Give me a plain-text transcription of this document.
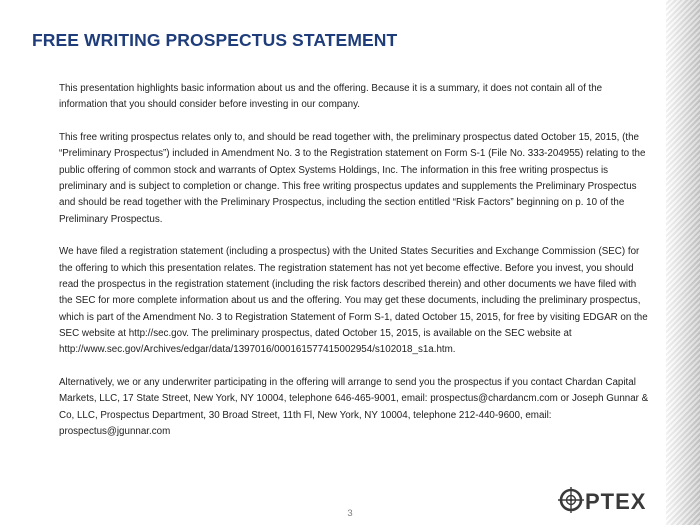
FREE WRITING PROSPECTUS STATEMENT

This presentation highlights basic information about us and the offering. Because it is a summary, it does not contain all of the information that you should consider before investing in our company.

This free writing prospectus relates only to, and should be read together with, the preliminary prospectus dated October 15, 2015, (the “Preliminary Prospectus”) included in Amendment No. 3 to the Registration statement on Form S-1 (File No. 333-204955) relating to the public offering of common stock and warrants of Optex Systems Holdings, Inc. The information in this free writing prospectus is preliminary and is subject to completion or change. This free writing prospectus updates and supplements the Preliminary Prospectus and should be read together with the Preliminary Prospectus, including the section entitled “Risk Factors” beginning on p. 10 of the Preliminary Prospectus.

We have filed a registration statement (including a prospectus) with the United States Securities and Exchange Commission (SEC) for the offering to which this presentation relates. The registration statement has not yet become effective. Before you invest, you should read the prospectus in the registration statement (including the risk factors described therein) and other documents we have filed with the SEC for more complete information about us and the offering. You may get these documents, including the preliminary prospectus, which is part of the Amendment No. 3 to Registration Statement of Form S-1, dated October 15, 2015, for free by visiting EDGAR on the SEC website at http://sec.gov. The preliminary prospectus, dated October 15, 2015, is available on the SEC website at http://www.sec.gov/Archives/edgar/data/1397016/000161577415002954/s102018_s1a.htm.

Alternatively, we or any underwriter participating in the offering will arrange to send you the prospectus if you contact Chardan Capital Markets, LLC, 17 State Street, New York, NY 10004, telephone 646-465-9001, email: prospectus@chardancm.com or Joseph Gunnar & Co, LLC, Prospectus Department, 30 Broad Street, 11th Fl, New York, NY 10004, telephone 212-440-9600, email: prospectus@jgunnar.com

3	PTEX
